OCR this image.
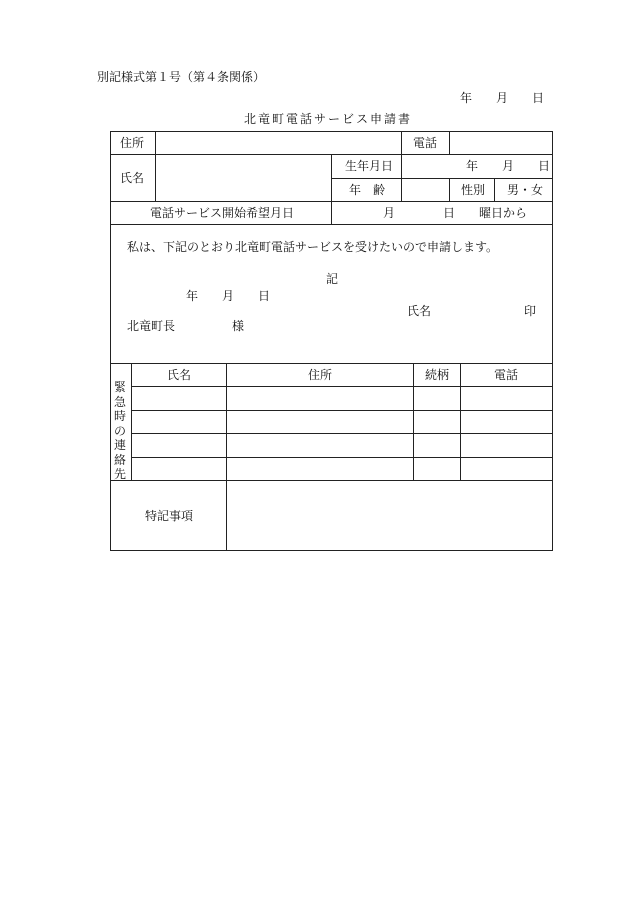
別記様式第１号（第４条関係）
年　　月　　日
北竜町電話サービス申請書
住所	電話
氏名
生年月日	年　　月　　日
年　齢	性別 男・女
電話サービス開始希望月日	月　　　　日　　曜日から
私は、下記のとおり北竜町電話サービスを受けたいので申請します。
記
年　　月　　日
氏名	印
北竜町長	様
緊急時の連絡先
氏名	住所	続柄	電話
特記事項
